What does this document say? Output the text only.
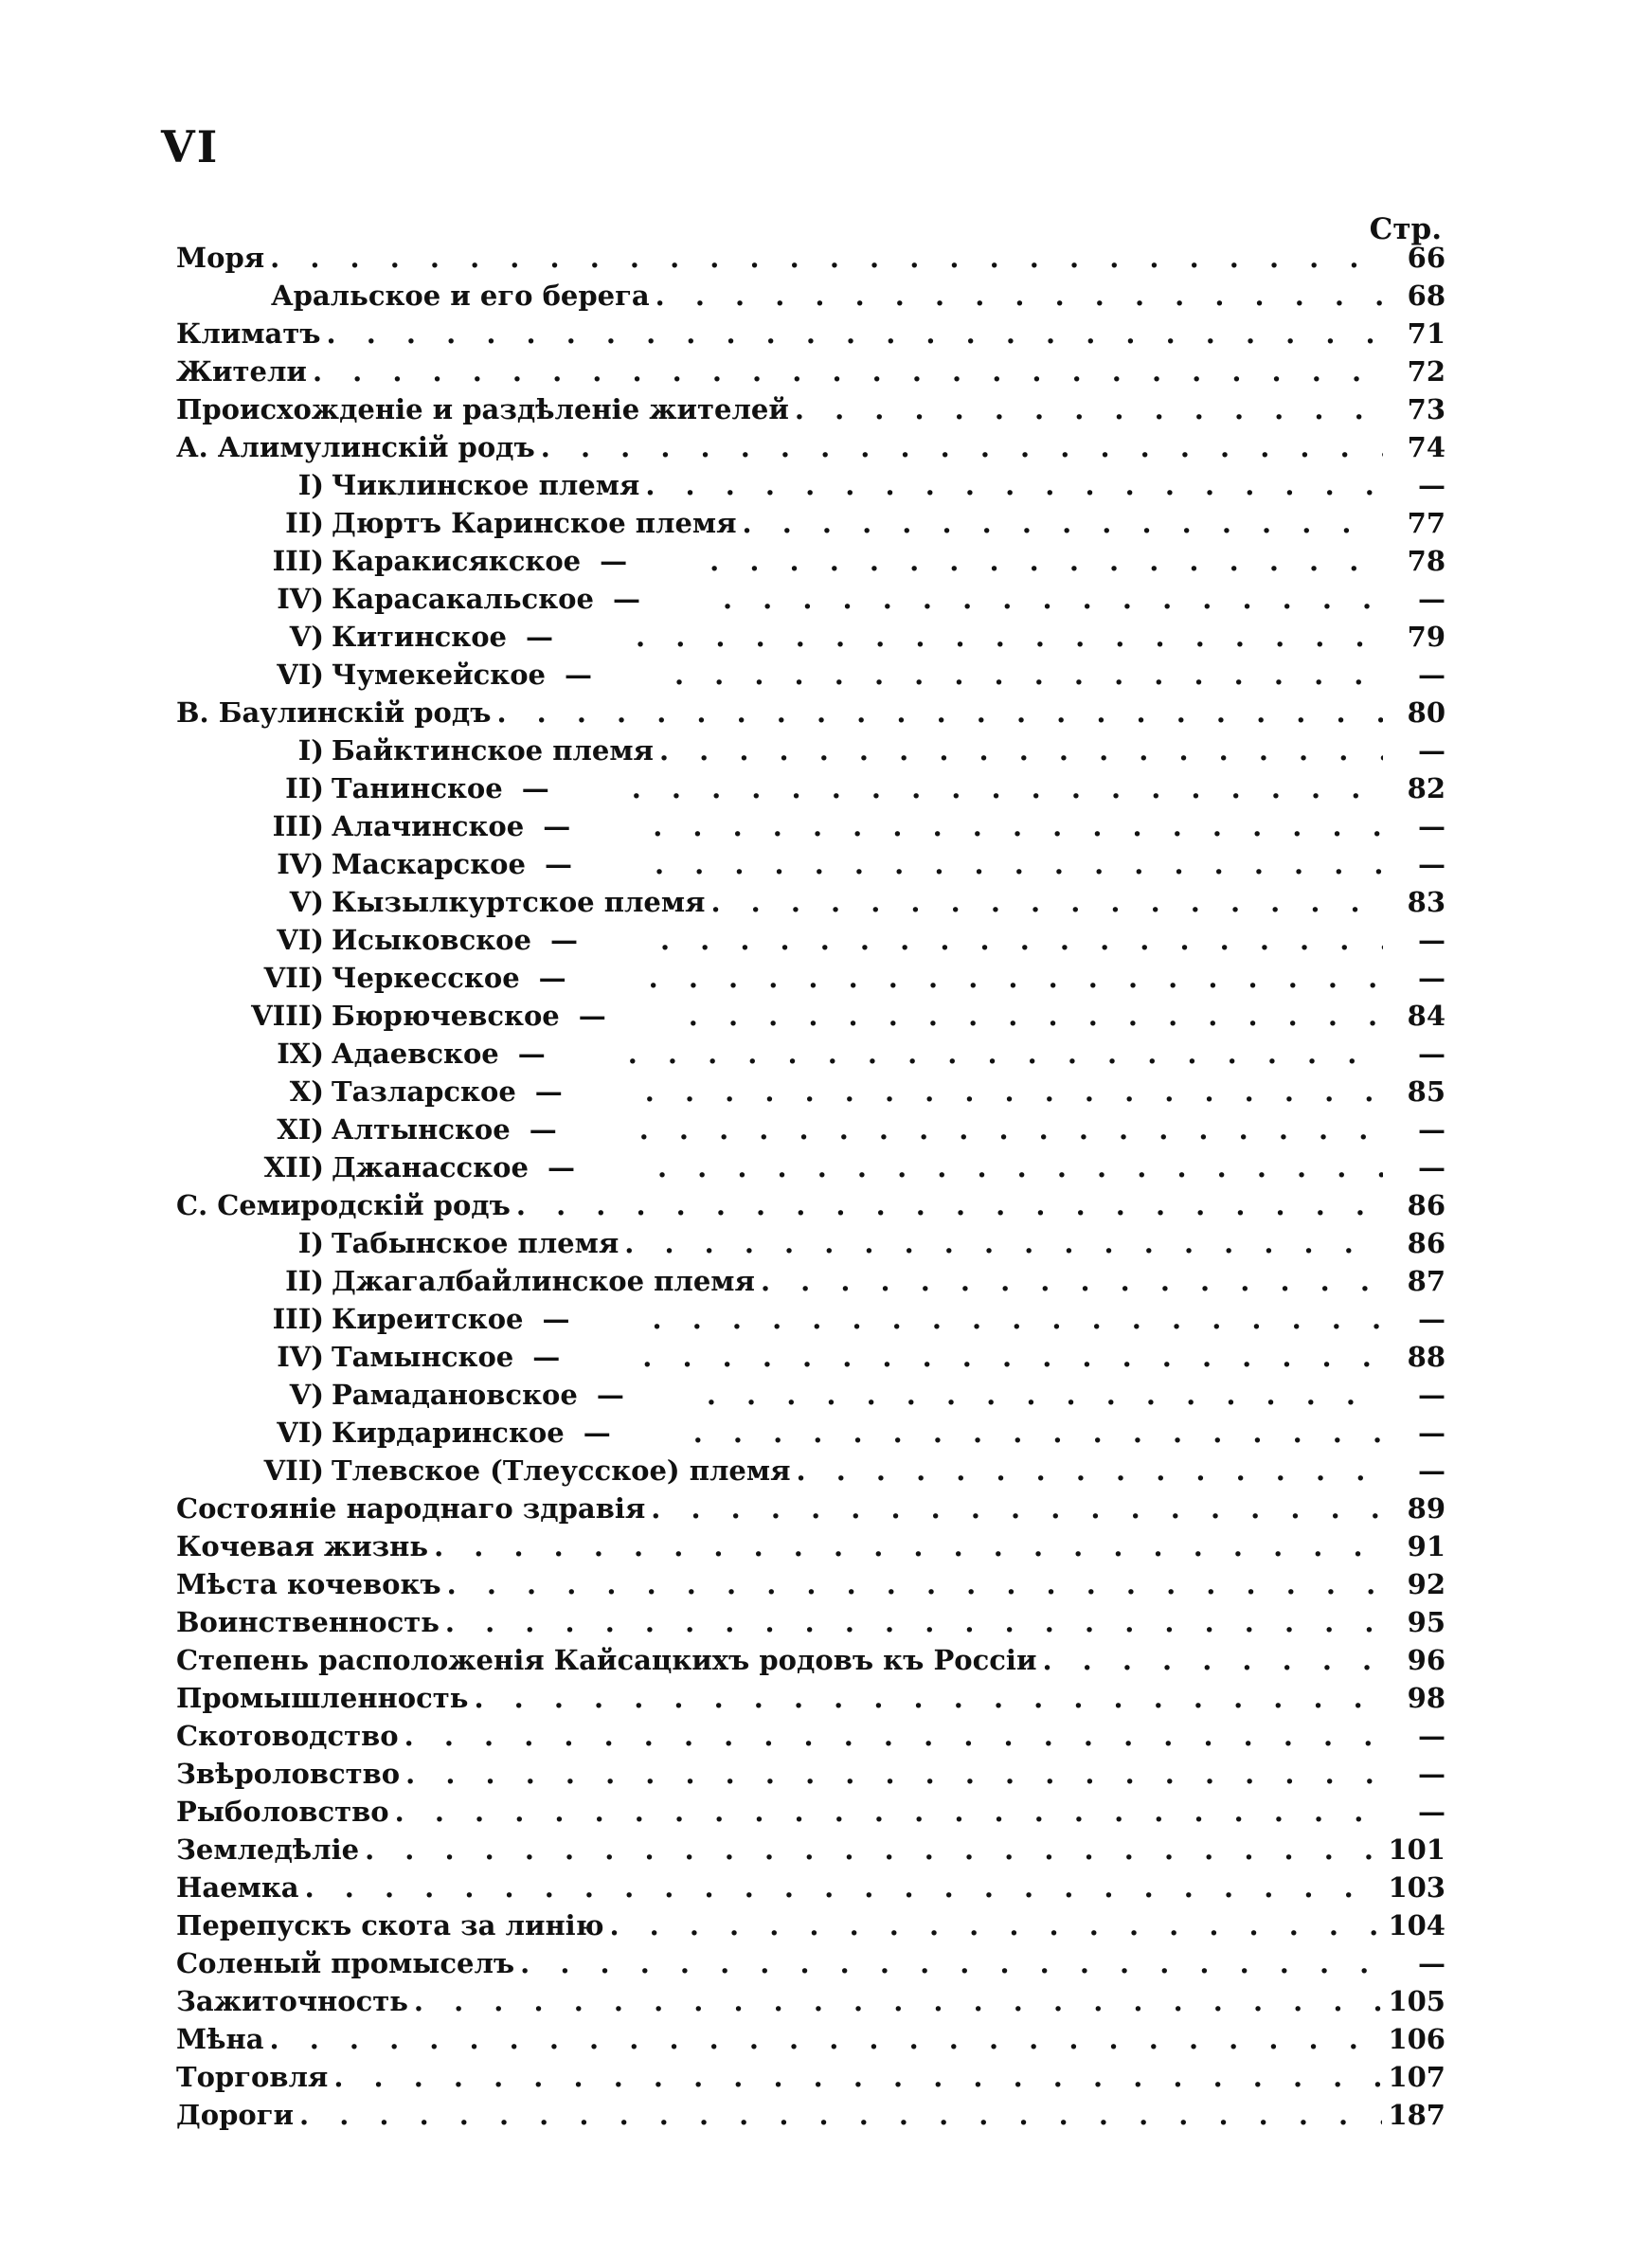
VI
Стр.
Моря . . .	66
Аральское и его берега . . .	68
Климатъ . . .	71
Жители . . .	72
Происхожденіе и раздѣленіе жителей . . .	73
А. Алимулинскій родъ . . .	74
I) Чиклинское племя . . .	—
II) Дюртъ Каринское племя . . .	77
III) Каракисякское — . . .	78
IV) Карасакальское — . . .	—
V) Китинское — . . .	79
VI) Чумекейское — . . .	—
В. Баулинскій родъ . . .	80
I) Байктинское племя . . .	—
II) Танинское — . . .	82
III) Алачинское — . . .	—
IV) Маскарское — . . .	—
V) Кызылкуртское племя . . .	83
VI) Исыковское — . . .	—
VII) Черкесское — . . .	—
VIII) Бюрючевское — . . .	84
IX) Адаевское — . . .	—
X) Тазларское — . . .	85
XI) Алтынское — . . .	—
XII) Джанасское — . . .	—
С. Семиродскій родъ . . .	86
I) Табынское племя . . .	86
II) Джагалбайлинское племя . . .	87
III) Киреитское — . . .	—
IV) Тамынское — . . .	88
V) Рамадановское — . . .	—
VI) Кирдаринское — . . .	—
VII) Тлевское (Тлеусское) племя . . .	—
Состояніе народнаго здравія . . .	89
Кочевая жизнь . . .	91
Мѣста кочевокъ . . .	92
Воинственность . . .	95
Степень расположенія Кайсацкихъ родовъ къ Россіи . . .	96
Промышленность . . .	98
Скотоводство . . .	—
Звѣроловство . . .	—
Рыболовство . . .	—
Земледѣліе . . .	101
Наемка . . .	103
Перепускъ скота за линію . . .	104
Соленый промыселъ . . .	—
Зажиточность . . .	105
Мѣна . . .	106
Торговля . . .	107
Дороги . . .	187
